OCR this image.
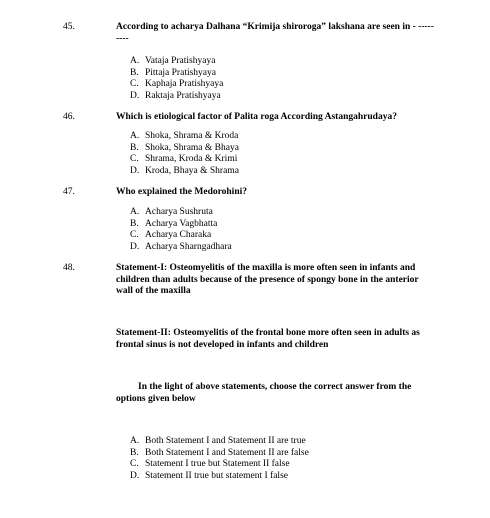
45.	According to acharya Dalhana “Krimija shiroroga” lakshana are seen in - ---------
A. Vataja Pratishyaya
B. Pittaja Pratishyaya
C. Kaphaja Pratishyaya
D. Raktaja Pratishyaya
46.	Which is etiological factor of Palita roga According Astangahrudaya?
A. Shoka, Shrama & Kroda
B. Shoka, Shrama & Bhaya
C. Shrama, Kroda & Krimi
D. Kroda, Bhaya & Shrama
47.	Who explained the Medorohini?
A. Acharya Sushruta
B. Acharya Vagbhatta
C. Acharya Charaka
D. Acharya Sharngadhara
48.	Statement-I: Osteomyelitis of the maxilla is more often seen in infants and children than adults because of the presence of spongy bone in the anterior wall of the maxilla
Statement-II: Osteomyelitis of the frontal bone more often seen in adults as frontal sinus is not developed in infants and children
In the light of above statements, choose the correct answer from the options given below
A. Both Statement I and Statement II are true
B. Both Statement I and Statement II are false
C. Statement I true but Statement II false
D. Statement II true but statement I false
